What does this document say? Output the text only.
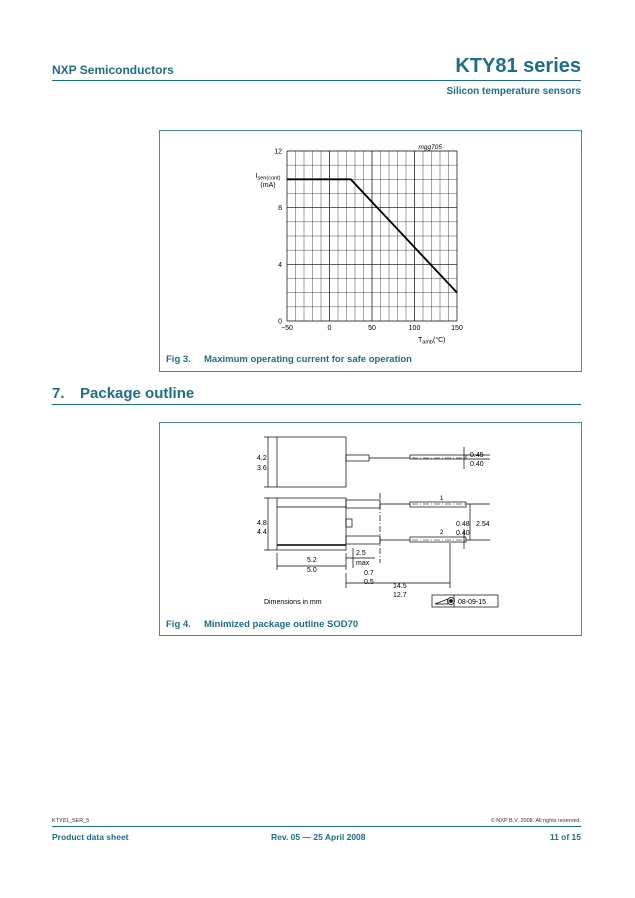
NXP Semiconductors	KTY81 series
Silicon temperature sensors
−50	0	50	100	150
0
4
8
12
mgg705
$I_{sen(cont)}$
(mA)
$T_{amb}(^\circ C)$
Fig 3. Maximum operating current for safe operation
7. Package outline
4.2
3.6
4.8
4.4
5.2
5.0
2.5
max
0.7
0.5
14.5
12.7
0.45
0.40
0.48
0.40
2.54
1
2
Dimensions in mm	08-09-15
Fig 4. Minimized package outline SOD70
KTY81_SER_5	© NXP B.V. 2008. All rights reserved.
Product data sheet	Rev. 05 — 25 April 2008	11 of 15
